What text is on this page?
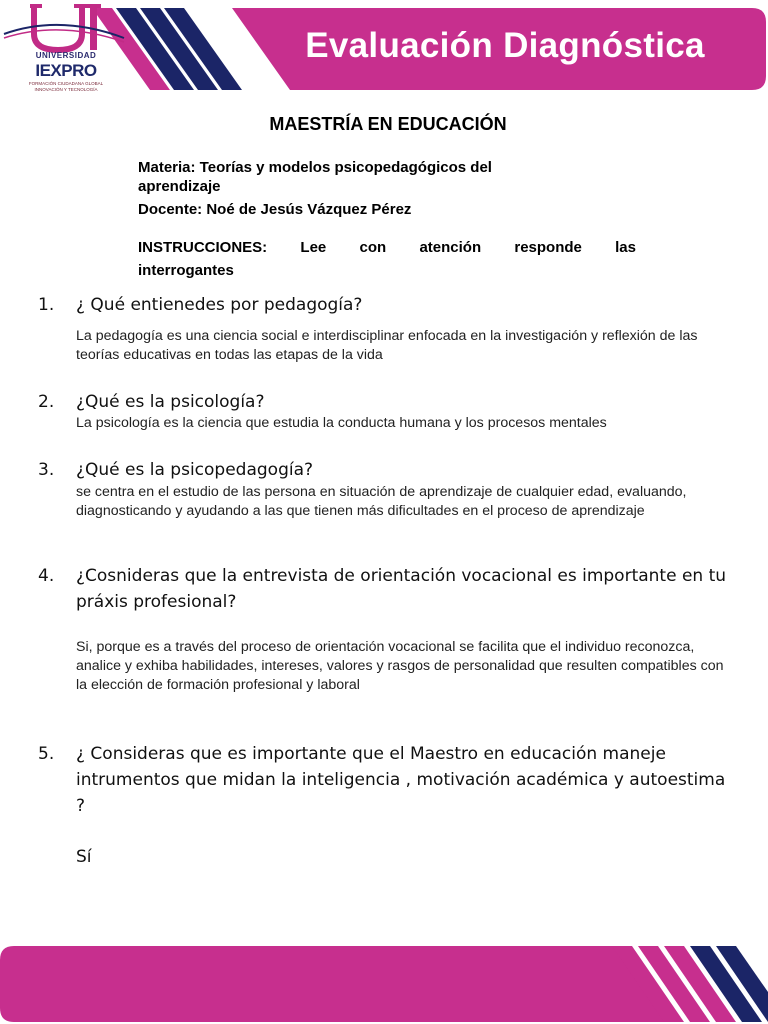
UNIVERSIDAD
IEXPRO
FORMACIÓN CIUDADANA GLOBAL
INNOVACIÓN Y TECNOLOGÍA
Evaluación Diagnóstica
MAESTRÍA EN EDUCACIÓN
Materia: Teorías y modelos psicopedagógicos del aprendizaje
Docente: Noé de Jesús Vázquez Pérez
INSTRUCCIONES: Lee con atención responde las
interrogantes
1.	¿ Qué entienedes por pedagogía?
La pedagogía es una ciencia social e interdisciplinar enfocada en la investigación y reflexión de las teorías educativas en todas las etapas de la vida
2.	¿Qué es la psicología?
La psicología es la ciencia que estudia la conducta humana y los procesos mentales
3.	¿Qué es la psicopedagogía?
se centra en el estudio de las persona en situación de aprendizaje de cualquier edad, evaluando, diagnosticando y ayudando a las que tienen más dificultades en el proceso de aprendizaje
4.	¿Cosnideras que la entrevista de orientación vocacional es importante en tu práxis profesional?
Si, porque es a través del proceso de orientación vocacional se facilita que el individuo reconozca, analice y exhiba habilidades, intereses, valores y rasgos de personalidad que resulten compatibles con la elección de formación profesional y laboral
5.	¿ Consideras que es importante que el Maestro en educación maneje intrumentos que midan la inteligencia , motivación académica y autoestima ?
Sí
